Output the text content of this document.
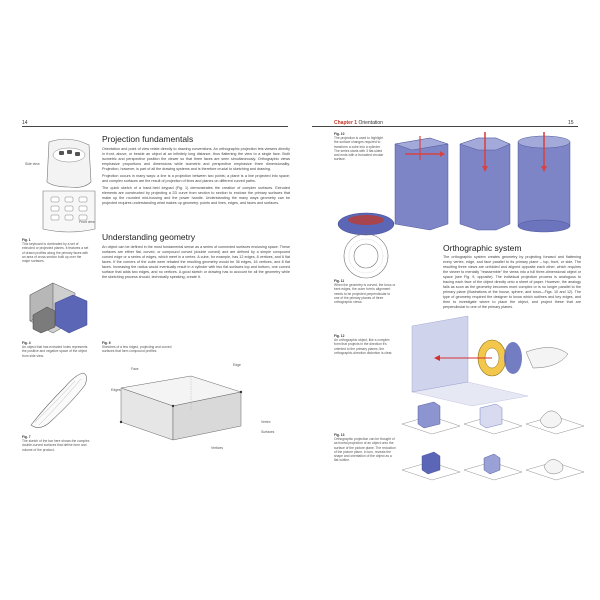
14
Side view
Front view
Fig. 1
This keyboard is dominated by a set of extruded or projected planes. It features a set of drawn profiles along the primary faces with an area of cross section built up over the major surfaces.
Fig. 4
An object that has extruded holes represents the positive and negative space of the object from side view.
Fig. 6
Sketches of a few ridged, projecting and curved surfaces that form compound profiles.
Fig. 7
The sketch of the bar here shows the complex double-curved surfaces that define form and volume of the product.
Projection fundamentals

Orientation and point of view relate directly to drawing conventions. An orthographic projection lets viewers directly in front, above, or beside an object at an infinitely long distance, thus flattening the view to a single face. Both isometric and perspective position the viewer so that three faces are seen simultaneously. Orthographic views emphasize proportions and dimensions while isometric and perspective emphasize three dimensionality. Projection, however, is part of all the drawing systems and is therefore crucial to sketching and drawing.

Projection occurs in many ways: a line is a projection between two points; a plane is a line projected into space; and complex surfaces are the result of projection of lines and planes on different curved paths.

The quick sketch of a hand-held keypad (Fig. 1) demonstrates the creation of complex surfaces. Extruded elements are constructed by projecting a 2D curve from section to section to enclose the primary surfaces that make up the rounded mid-housing and the power handle. Understanding the many ways geometry can be projected requires understanding what makes up geometry: points and lines, edges, and faces and surfaces.

Understanding geometry

An object can be defined in the most fundamental sense as a series of connected surfaces enclosing space. These surfaces are either flat, curved, or compound curved (double curved) and are defined by a simple compound curved edge or a series of edges, which meet in a vertex. A cube, for example, has 12 edges, 8 vertices, and 6 flat faces. If the corners of the cube were rebated the resulting geometry would be 36 edges, 16 vertices, and 8 flat faces. Increasing the radius would eventually result in a cylinder with two flat surfaces top and bottom, one curved surface that adds two edges, and no vertices. A good sketch or drawing has to account for all the geometry while the sketching process should, technically speaking, create it.

Face
Edge
Edges
Vertex
Surfaces
Vertices
Chapter 1 Orientation	15
Fig. 10
The projection is used to highlight the surface changes required to transform a cube into a cylinder. The series starts with 3 flat-sided and ends with a truncated circular surface.
Fig. 11
When the geometry is curved, the torus or bent edges, the outer form's alignment needs to be projected perpendicular to one of the primary planes of three orthographic views.
Orthographic system

The orthographic system creates geometry by projecting forward and flattening every vertex, edge, and face parallel to its primary plane – top, front, or side. The resulting three views are unfolded and aligned opposite each other, which requires the viewer to mentally "reassemble" the views into a full three-dimensional object or space (see Fig. 9, opposite). The individual projection process is analogous to tracing each face of the object directly onto a sheet of paper. However, the analogy fails as soon as the geometry becomes more complex or is no longer parallel to the primary plane (illustrations of the house, sphere, and torus—Figs. 10 and 12). The type of geometry required the designer to know which outlines and key edges, and then to investigate where to place the object, and project these that are perpendicular to one of the primary planes.

Fig. 12
An orthographic object, like a complex form that projects in the direction it's oriented to the primary planes, the orthographic-direction distortion is clear.
Fig. 13
Orthographic projection can be thought of as frontal projection of an object onto the surface of the picture plane. The reduction of the picture plane, in turn, reveals the shape and orientation of the object as a flat outline.
